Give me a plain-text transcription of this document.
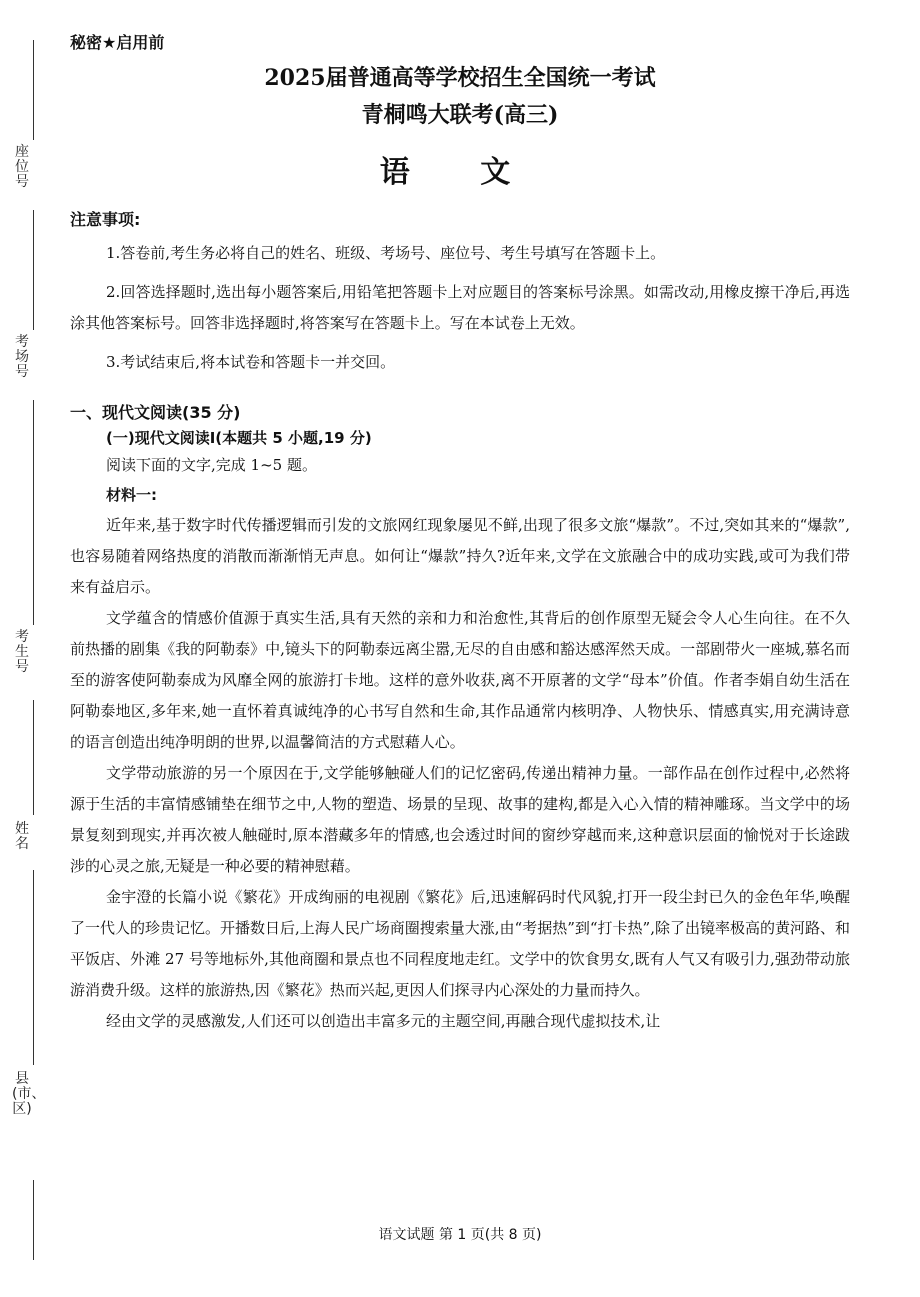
座位号
考场号
考生号
姓名
县(市、区)
秘密★启用前
2025届普通高等学校招生全国统一考试
青桐鸣大联考(高三)
语 文
注意事项:

1.答卷前,考生务必将自己的姓名、班级、考场号、座位号、考生号填写在答题卡上。

2.回答选择题时,选出每小题答案后,用铅笔把答题卡上对应题目的答案标号涂黑。如需改动,用橡皮擦干净后,再选涂其他答案标号。回答非选择题时,将答案写在答题卡上。写在本试卷上无效。

3.考试结束后,将本试卷和答题卡一并交回。

一、现代文阅读(35 分)
(一)现代文阅读Ⅰ(本题共 5 小题,19 分)
阅读下面的文字,完成 1~5 题。
材料一:

近年来,基于数字时代传播逻辑而引发的文旅网红现象屡见不鲜,出现了很多文旅“爆款”。不过,突如其来的“爆款”,也容易随着网络热度的消散而渐渐悄无声息。如何让“爆款”持久?近年来,文学在文旅融合中的成功实践,或可为我们带来有益启示。

文学蕴含的情感价值源于真实生活,具有天然的亲和力和治愈性,其背后的创作原型无疑会令人心生向往。在不久前热播的剧集《我的阿勒泰》中,镜头下的阿勒泰远离尘嚣,无尽的自由感和豁达感浑然天成。一部剧带火一座城,慕名而至的游客使阿勒泰成为风靡全网的旅游打卡地。这样的意外收获,离不开原著的文学“母本”价值。作者李娟自幼生活在阿勒泰地区,多年来,她一直怀着真诚纯净的心书写自然和生命,其作品通常内核明净、人物快乐、情感真实,用充满诗意的语言创造出纯净明朗的世界,以温馨简洁的方式慰藉人心。

文学带动旅游的另一个原因在于,文学能够触碰人们的记忆密码,传递出精神力量。一部作品在创作过程中,必然将源于生活的丰富情感铺垫在细节之中,人物的塑造、场景的呈现、故事的建构,都是入心入情的精神雕琢。当文学中的场景复刻到现实,并再次被人触碰时,原本潜藏多年的情感,也会透过时间的窗纱穿越而来,这种意识层面的愉悦对于长途跋涉的心灵之旅,无疑是一种必要的精神慰藉。

金宇澄的长篇小说《繁花》开成绚丽的电视剧《繁花》后,迅速解码时代风貌,打开一段尘封已久的金色年华,唤醒了一代人的珍贵记忆。开播数日后,上海人民广场商圈搜索量大涨,由“考据热”到“打卡热”,除了出镜率极高的黄河路、和平饭店、外滩 27 号等地标外,其他商圈和景点也不同程度地走红。文学中的饮食男女,既有人气又有吸引力,强劲带动旅游消费升级。这样的旅游热,因《繁花》热而兴起,更因人们探寻内心深处的力量而持久。

经由文学的灵感激发,人们还可以创造出丰富多元的主题空间,再融合现代虚拟技术,让

语文试题 第 1 页(共 8 页)
